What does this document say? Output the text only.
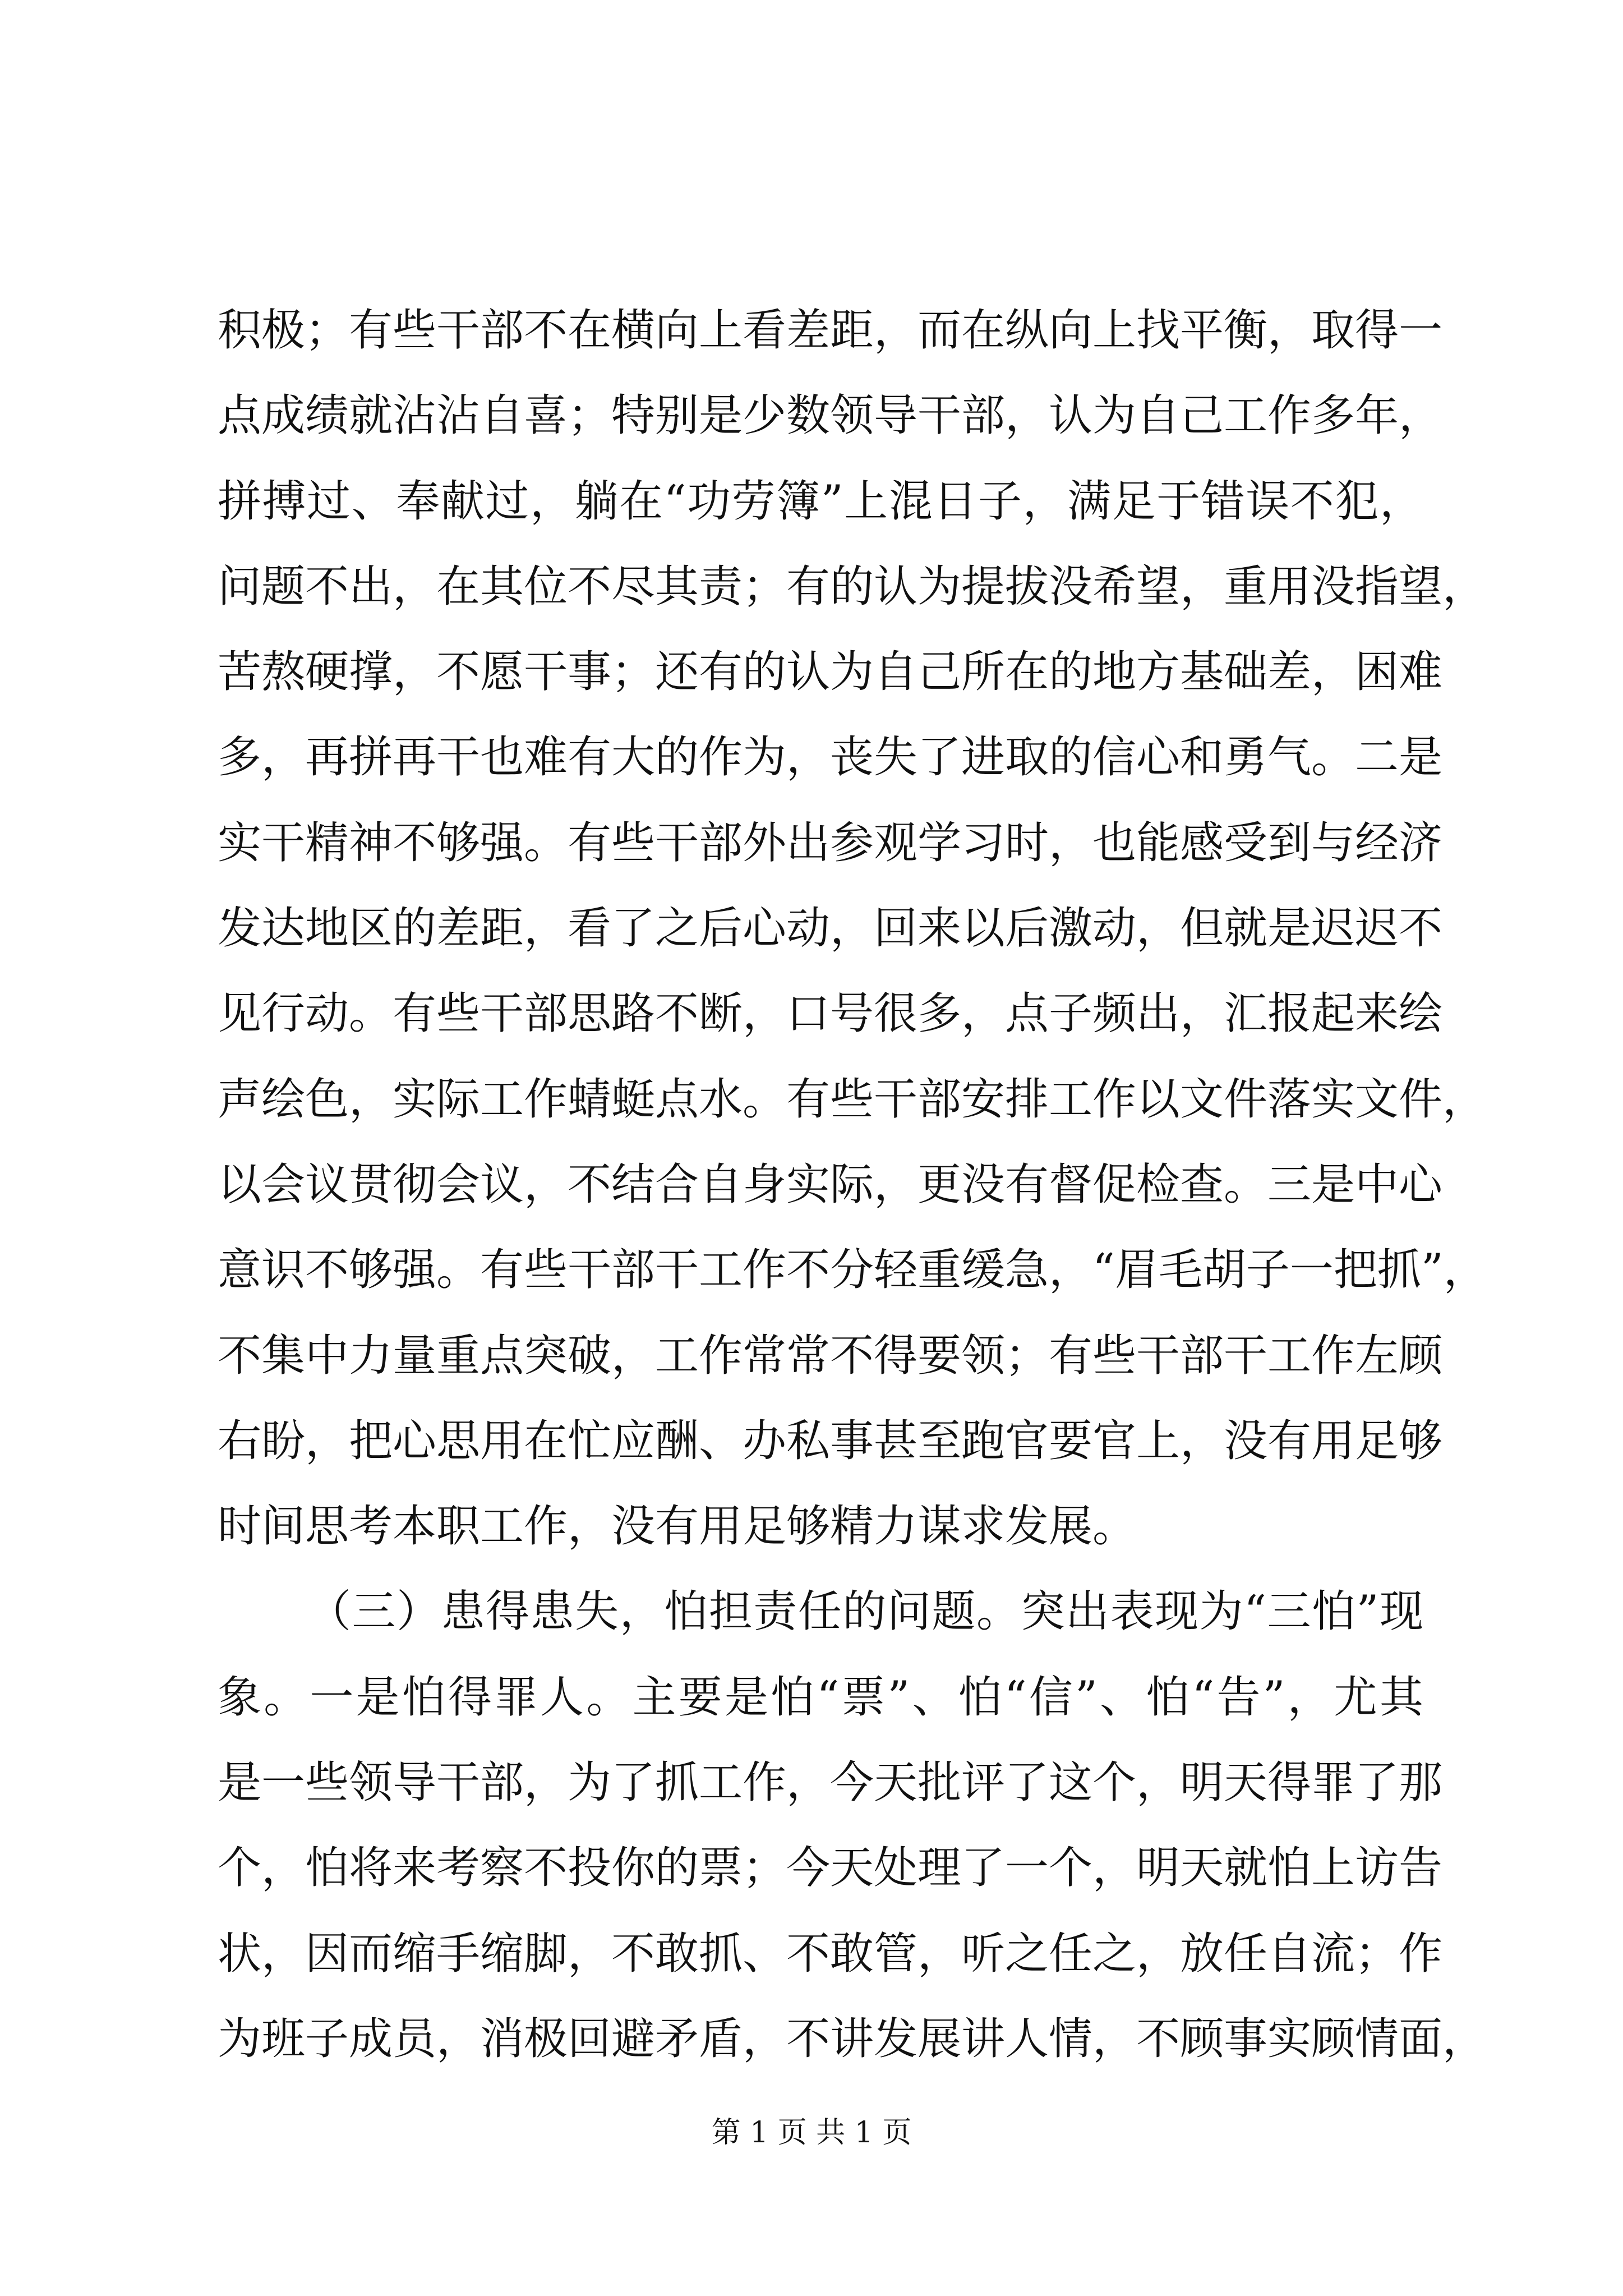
积极；有些干部不在横向上看差距，而在纵向上找平衡，取得一
点成绩就沾沾自喜；特别是少数领导干部，认为自己工作多年，
拼搏过、奉献过，躺在“功劳簿”上混日子，满足于错误不犯，
问题不出，在其位不尽其责；有的认为提拔没希望，重用没指望，
苦熬硬撑，不愿干事；还有的认为自己所在的地方基础差，困难
多，再拼再干也难有大的作为，丧失了进取的信心和勇气。二是
实干精神不够强。有些干部外出参观学习时，也能感受到与经济
发达地区的差距，看了之后心动，回来以后激动，但就是迟迟不
见行动。有些干部思路不断，口号很多，点子频出，汇报起来绘
声绘色，实际工作蜻蜓点水。有些干部安排工作以文件落实文件，
以会议贯彻会议，不结合自身实际，更没有督促检查。三是中心
意识不够强。有些干部干工作不分轻重缓急，“眉毛胡子一把抓”，
不集中力量重点突破，工作常常不得要领；有些干部干工作左顾
右盼，把心思用在忙应酬、办私事甚至跑官要官上，没有用足够
时间思考本职工作，没有用足够精力谋求发展。
（三）患得患失，怕担责任的问题。突出表现为“三怕”现
象。一是怕得罪人。主要是怕“票”、怕“信”、怕“告”，尤其
是一些领导干部，为了抓工作，今天批评了这个，明天得罪了那
个，怕将来考察不投你的票；今天处理了一个，明天就怕上访告
状，因而缩手缩脚，不敢抓、不敢管，听之任之，放任自流；作
为班子成员，消极回避矛盾，不讲发展讲人情，不顾事实顾情面，
第 1 页 共 1 页
